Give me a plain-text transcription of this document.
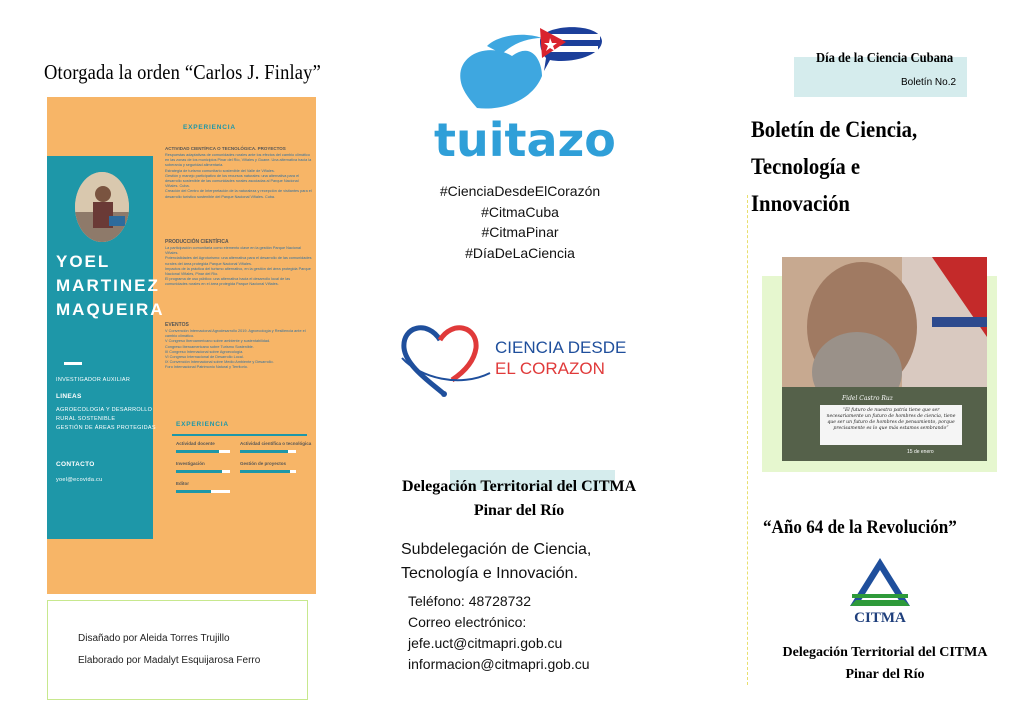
Otorgada la orden “Carlos J. Finlay”
YOEL
MARTINEZ
MAQUEIRA
INVESTIGADOR AUXILIAR
LINEAS
AGROECOLOGIA Y DESARROLLO
RURAL SOSTENIBLE
GESTIÓN DE ÁREAS PROTEGIDAS
CONTACTO
yoel@ecovida.cu
EXPERIENCIA
ACTIVIDAD CIENTÍFICA O TECNOLÓGICA. PROYECTOS
Respuestas adaptativas de comunidades rurales ante los efectos del cambio climático en las zonas de los municipios Pinar del Río, Viñales y Guane. Una alternativa hacia la soberanía y seguridad alimentaria.
Estrategia de turismo comunitario sostenible del Valle de Viñales.
Gestión y manejo participativo de los recursos naturales: una alternativa para el desarrollo sostenible de las comunidades rurales asociadas al Parque Nacional Viñales. Cuba.
Creación del Centro de Interpretación de la naturaleza y recepción de visitantes para el desarrollo turístico sostenible del Parque Nacional Viñales. Cuba.
PRODUCCIÓN CIENTÍFICA
La participación comunitaria como elemento clave en la gestión Parque Nacional Viñales.
Potencialidades del Agroturismo: una alternativa para el desarrollo de las comunidades rurales del área protegida Parque Nacional Viñales.
Impactos de la práctica del turismo alternativo, en la gestión del área protegida Parque Nacional Viñales, Pinar del Río.
El programa de uso público: una alternativa hacia el desarrollo local de las comunidades rurales en el área protegida Parque Nacional Viñales.
EVENTOS
V Convención Internacional Agrodesarrollo 2019. Agroecología y Resiliencia ante el cambio climático.
V Congreso Iberoamericano sobre ambiente y sustentabilidad.
Congreso Iberoamericano sobre Turismo Sostenible.
III Congreso Internacional sobre Agroecología.
VI Congreso Internacional de Desarrollo Local.
IX Convención Internacional sobre Medio Ambiente y Desarrollo.
Foro Internacional Patrimonio Natural y Territorio.
EXPERIENCIA
Actividad docente	Actividad científica o tecnológica
Investigación	Gestión de proyectos
Editor
Disañado por Aleida Torres Trujillo
Elaborado por Madalyt Esquijarosa Ferro
tuitazo
#CienciaDesdeElCorazón
#CitmaCuba
#CitmaPinar
#DíaDeLaCiencia
CIENCIA DESDE
EL CORAZON
Delegación Territorial del CITMA
Pinar del Río
Subdelegación de Ciencia,
Tecnología e Innovación.
Teléfono: 48728732
Correo electrónico:
jefe.uct@citmapri.gob.cu
informacion@citmapri.gob.cu
Día de la Ciencia Cubana
Boletín No.2
Boletín de Ciencia,
Tecnología e
Innovación
Fidel Castro Ruz
“El futuro de nuestra patria tiene que ser necesariamente un futuro de hombres de ciencia, tiene que ser un futuro de hombres de pensamiento, porque precisamente es lo que más estamos sembrando”
15 de enero
“Año 64 de la Revolución”
CITMA
Delegación Territorial del CITMA
Pinar del Río
